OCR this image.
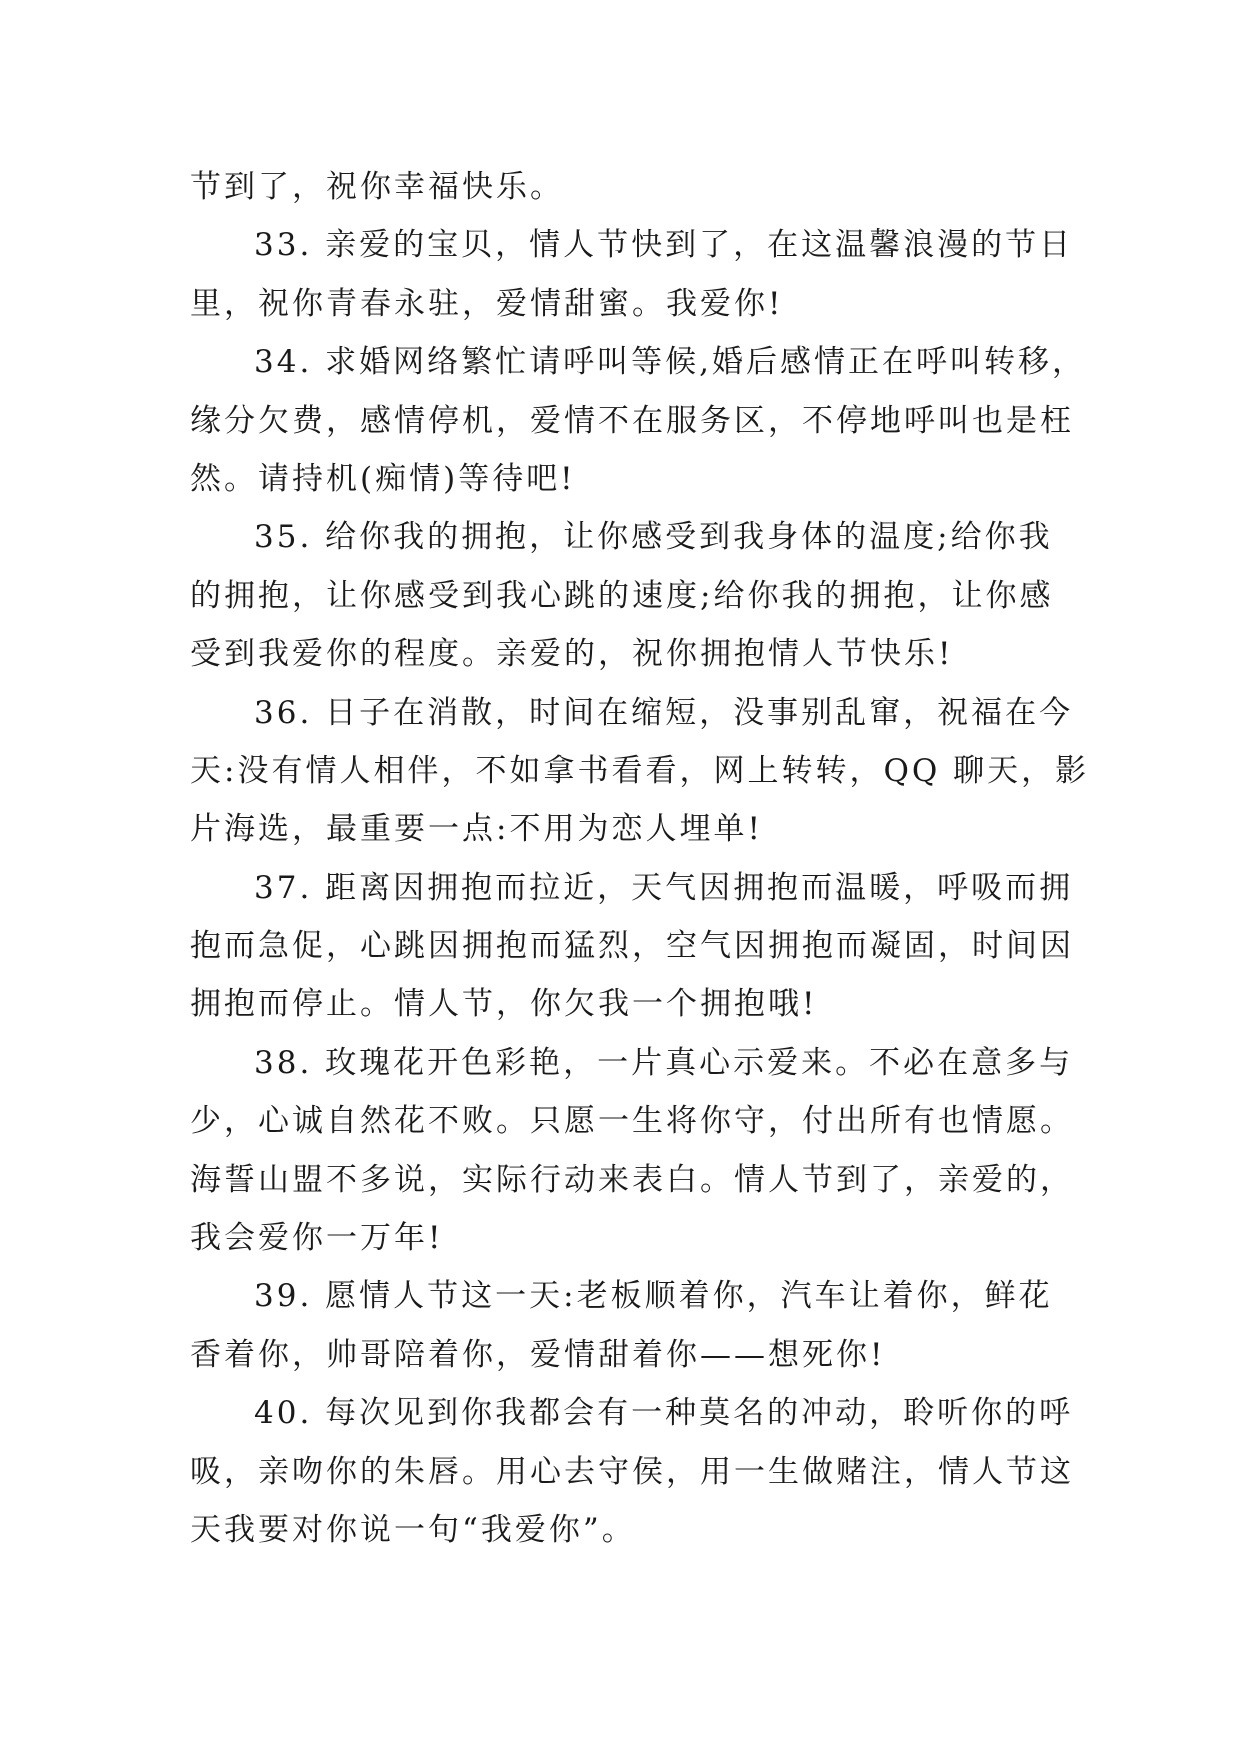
节到了，祝你幸福快乐。
33. 亲爱的宝贝，情人节快到了，在这温馨浪漫的节日
里，祝你青春永驻，爱情甜蜜。我爱你!
34. 求婚网络繁忙请呼叫等候,婚后感情正在呼叫转移，
缘分欠费，感情停机，爱情不在服务区，不停地呼叫也是枉
然。请持机(痴情)等待吧!
35. 给你我的拥抱，让你感受到我身体的温度;给你我
的拥抱，让你感受到我心跳的速度;给你我的拥抱，让你感
受到我爱你的程度。亲爱的，祝你拥抱情人节快乐!
36. 日子在消散，时间在缩短，没事别乱窜，祝福在今
天:没有情人相伴，不如拿书看看，网上转转，QQ 聊天，影
片海选，最重要一点:不用为恋人埋单!
37. 距离因拥抱而拉近，天气因拥抱而温暖，呼吸而拥
抱而急促，心跳因拥抱而猛烈，空气因拥抱而凝固，时间因
拥抱而停止。情人节，你欠我一个拥抱哦!
38. 玫瑰花开色彩艳，一片真心示爱来。不必在意多与
少，心诚自然花不败。只愿一生将你守，付出所有也情愿。
海誓山盟不多说，实际行动来表白。情人节到了，亲爱的，
我会爱你一万年!
39. 愿情人节这一天:老板顺着你，汽车让着你，鲜花
香着你，帅哥陪着你，爱情甜着你——想死你!
40. 每次见到你我都会有一种莫名的冲动，聆听你的呼
吸，亲吻你的朱唇。用心去守侯，用一生做赌注，情人节这
天我要对你说一句“我爱你”。
